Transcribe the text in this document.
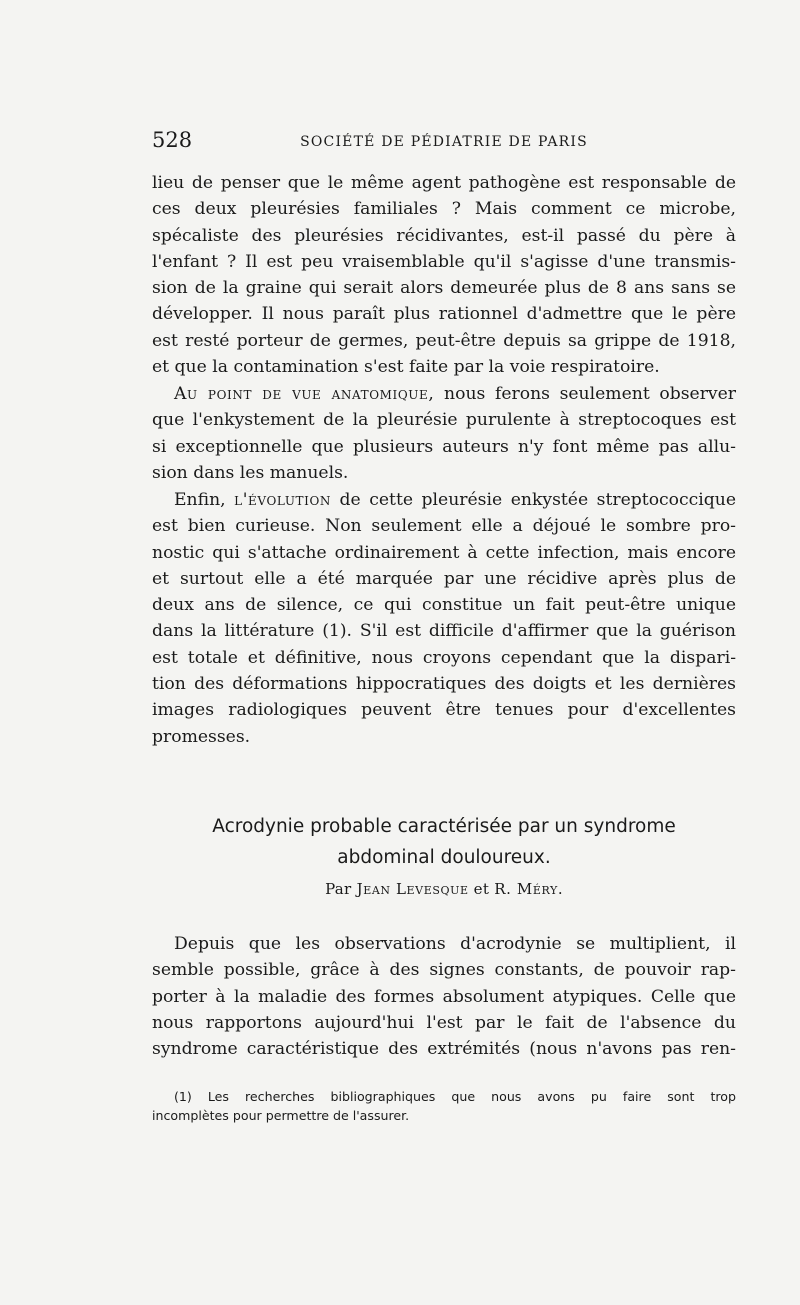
528	SOCIÉTÉ DE PÉDIATRIE DE PARIS
lieu de penser que le même agent pathogène est responsable de
ces deux pleurésies familiales ? Mais comment ce microbe,
spécaliste des pleurésies récidivantes, est-il passé du père à
l'enfant ? Il est peu vraisemblable qu'il s'agisse d'une transmis-
sion de la graine qui serait alors demeurée plus de 8 ans sans se
développer. Il nous paraît plus rationnel d'admettre que le père
est resté porteur de germes, peut-être depuis sa grippe de 1918,
et que la contamination s'est faite par la voie respiratoire.
Au point de vue anatomique, nous ferons seulement observer
que l'enkystement de la pleurésie purulente à streptocoques est
si exceptionnelle que plusieurs auteurs n'y font même pas allu-
sion dans les manuels.
Enfin, l'évolution de cette pleurésie enkystée streptococcique
est bien curieuse. Non seulement elle a déjoué le sombre pro-
nostic qui s'attache ordinairement à cette infection, mais encore
et surtout elle a été marquée par une récidive après plus de
deux ans de silence, ce qui constitue un fait peut-être unique
dans la littérature (1). S'il est difficile d'affirmer que la guérison
est totale et définitive, nous croyons cependant que la dispari-
tion des déformations hippocratiques des doigts et les dernières
images radiologiques peuvent être tenues pour d'excellentes
promesses.
Acrodynie probable caractérisée par un syndrome
abdominal douloureux.
Par Jean Levesque et R. Méry.
Depuis que les observations d'acrodynie se multiplient, il
semble possible, grâce à des signes constants, de pouvoir rap-
porter à la maladie des formes absolument atypiques. Celle que
nous rapportons aujourd'hui l'est par le fait de l'absence du
syndrome caractéristique des extrémités (nous n'avons pas ren-
(1) Les recherches bibliographiques que nous avons pu faire sont trop
incomplètes pour permettre de l'assurer.
